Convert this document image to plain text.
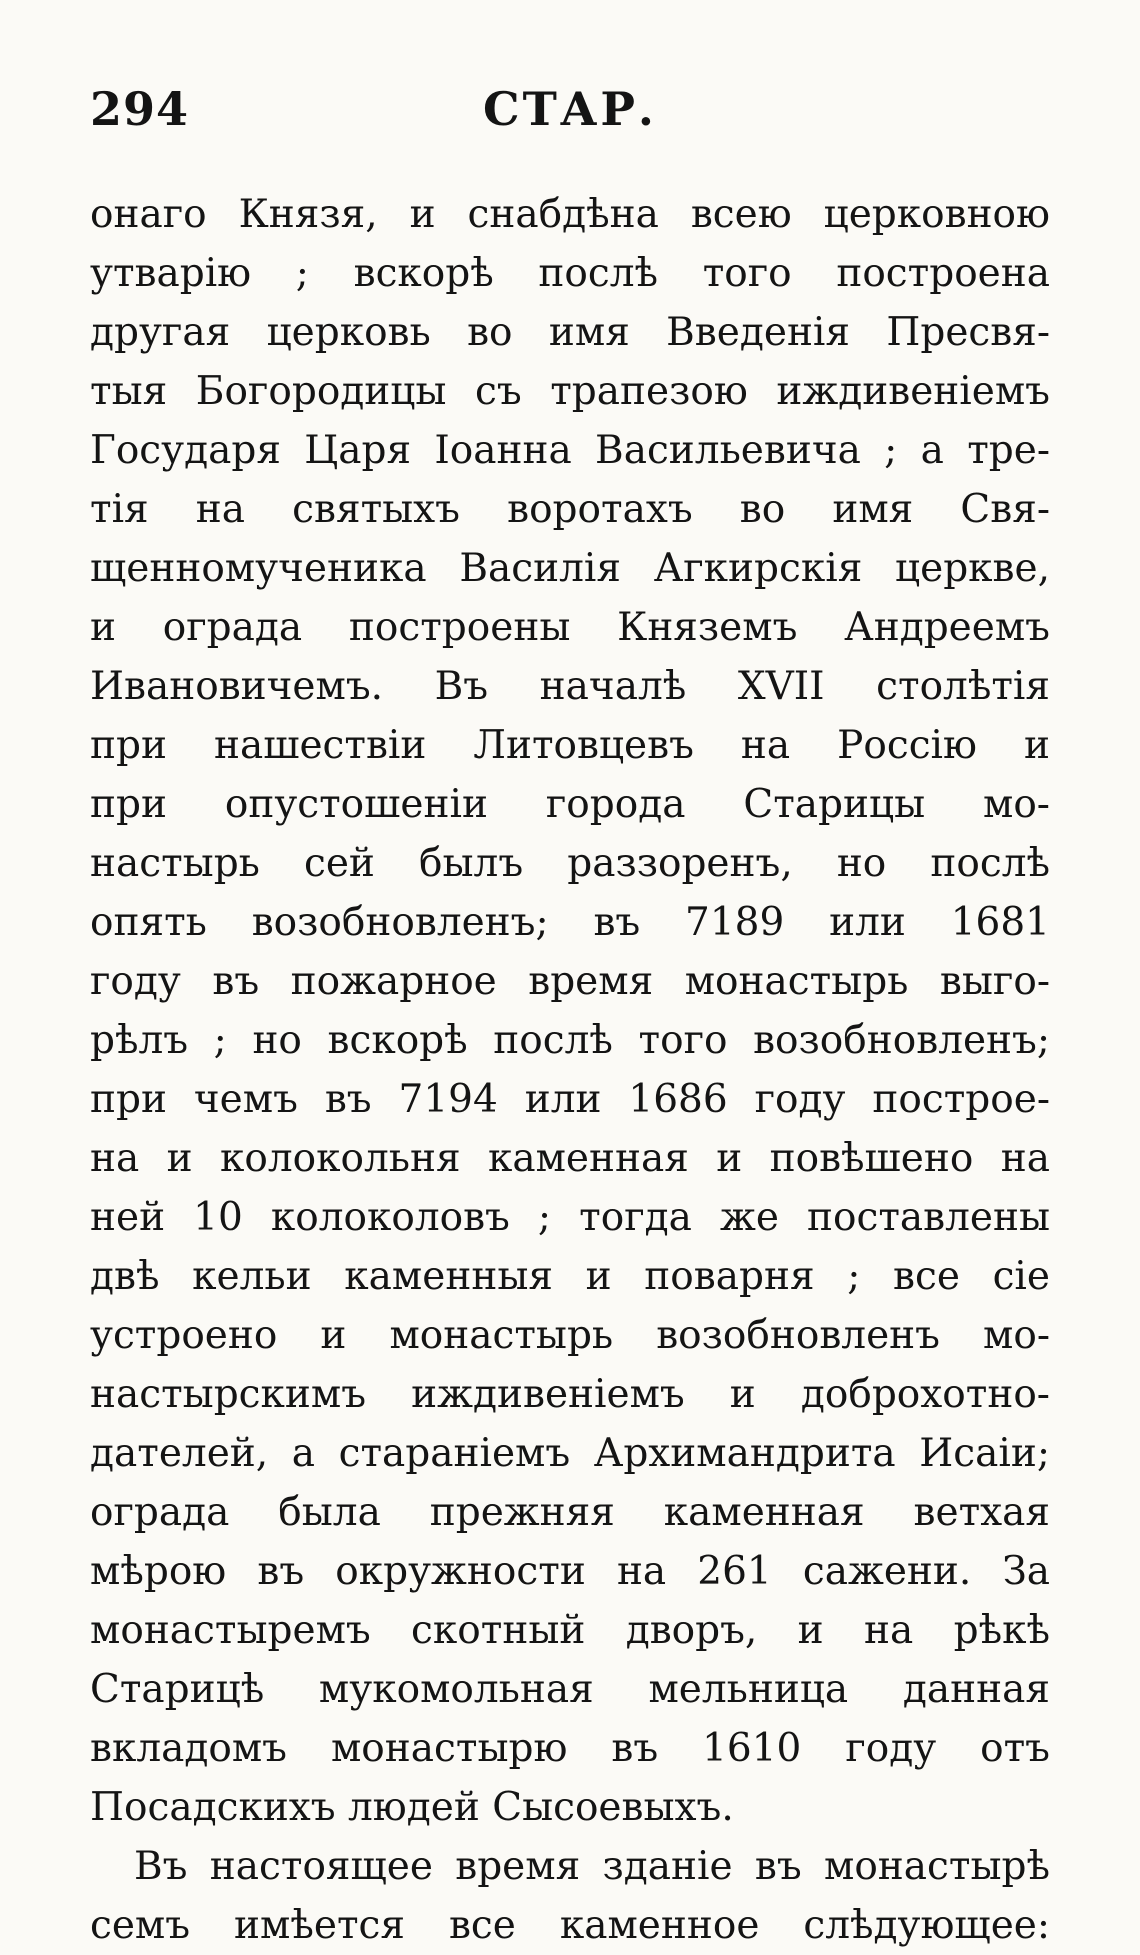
294	СТАР.
онаго Князя, и снабдѣна всею церковною
утварію ; вскорѣ послѣ того построена
другая церковь во имя Введенія Пресвя-
тыя Богородицы съ трапезою иждивеніемъ
Государя Царя Іоанна Васильевича ; а тре-
тія на святыхъ воротахъ во имя Свя-
щенномученика Василія Агкирскія церкве,
и ограда построены Княземъ Андреемъ
Ивановичемъ. Въ началѣ XVII столѣтія
при нашествіи Литовцевъ на Россію и
при опустошеніи города Старицы мо-
настырь сей былъ раззоренъ, но послѣ
опять возобновленъ; въ 7189 или 1681
году въ пожарное время монастырь выго-
рѣлъ ; но вскорѣ послѣ того возобновленъ;
при чемъ въ 7194 или 1686 году построе-
на и колокольня каменная и повѣшено на
ней 10 колоколовъ ; тогда же поставлены
двѣ кельи каменныя и поварня ; все сіе
устроено и монастырь возобновленъ мо-
настырскимъ иждивеніемъ и доброхотно-
дателей, а стараніемъ Архимандрита Исаіи;
ограда была прежняя каменная ветхая
мѣрою въ окружности на 261 сажени. За
монастыремъ скотный дворъ, и на рѣкѣ
Старицѣ мукомольная мельница данная
вкладомъ монастырю въ 1610 году отъ
Посадскихъ людей Сысоевыхъ.
Въ настоящее время зданіе въ монастырѣ
семъ имѣется все каменное слѣдующее:
